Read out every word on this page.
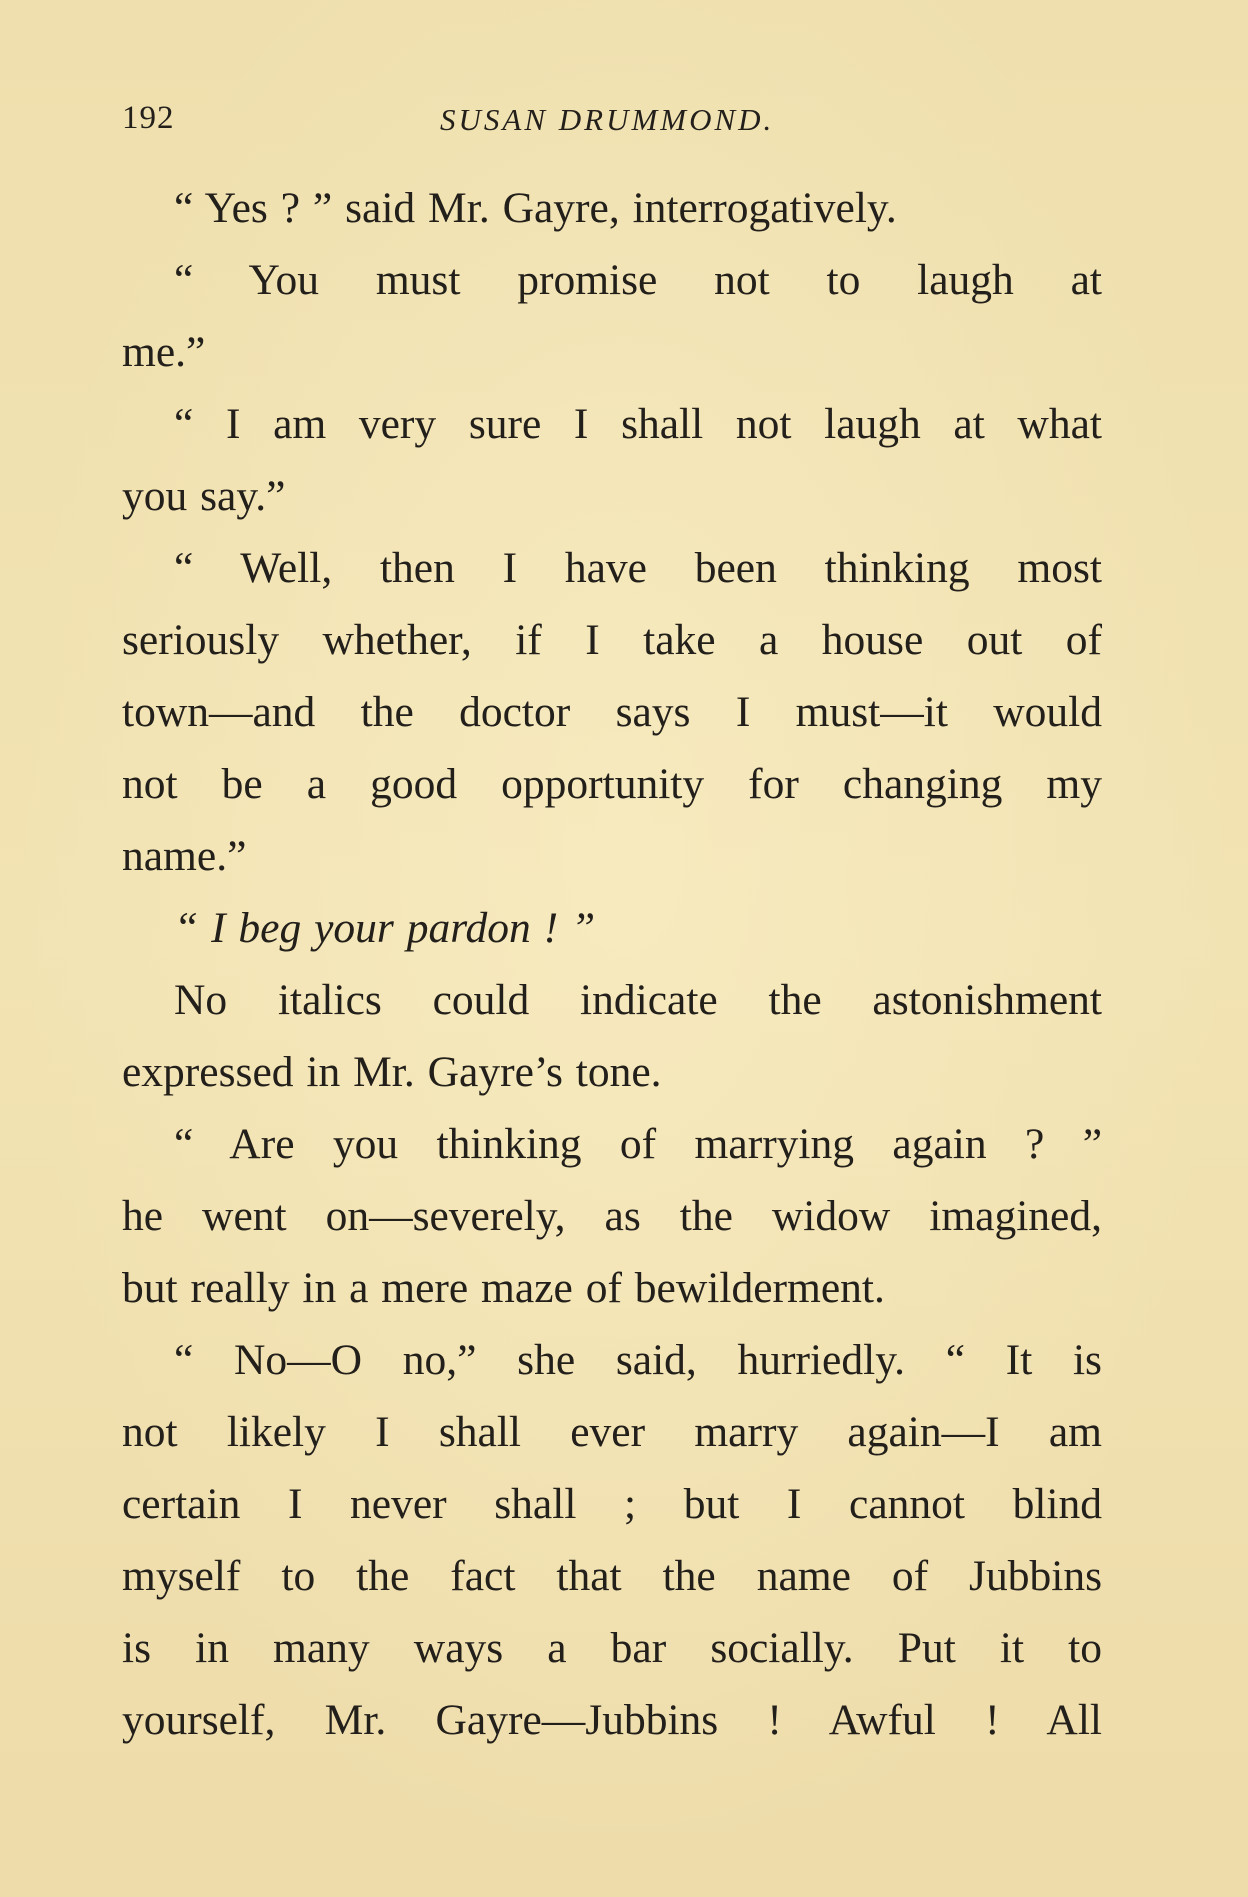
192	SUSAN DRUMMOND.
“ Yes ? ” said Mr. Gayre, interrogatively.
“ You must promise not to laugh at
me.”
“ I am very sure I shall not laugh at what
you say.”
“ Well, then I have been thinking most
seriously whether, if I take a house out of
town—and the doctor says I must—it would
not be a good opportunity for changing my
name.”
“ I beg your pardon ! ”
No italics could indicate the astonishment
expressed in Mr. Gayre’s tone.
“ Are you thinking of marrying again ? ”
he went on—severely, as the widow imagined,
but really in a mere maze of bewilderment.
“ No—O no,” she said, hurriedly. “ It is
not likely I shall ever marry again—I am
certain I never shall ; but I cannot blind
myself to the fact that the name of Jubbins
is in many ways a bar socially. Put it to
yourself, Mr. Gayre—Jubbins ! Awful ! All
